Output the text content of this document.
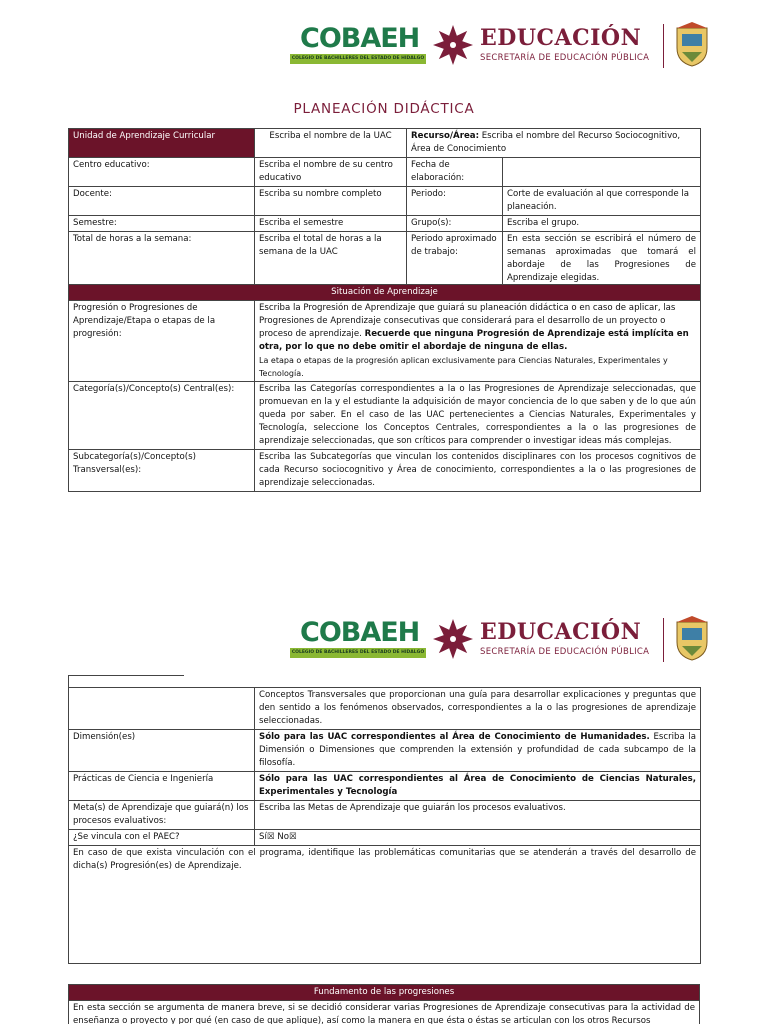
COBAEH
COLEGIO DE BACHILLERES DEL ESTADO DE HIDALGO
EDUCACIÓN
SECRETARÍA DE EDUCACIÓN PÚBLICA
PLANEACIÓN DIDÁCTICA
Unidad de Aprendizaje Curricular	Escriba el nombre de la UAC	Recurso/Área: Escriba el nombre del Recurso Sociocognitivo, Área de Conocimiento	
Centro educativo:	Escriba el nombre de su centro educativo	Fecha de elaboración:	
Docente:	Escriba su nombre completo	Periodo:	Corte de evaluación al que corresponde la planeación.
Semestre:	Escriba el semestre	Grupo(s):	Escriba el grupo.
Total de horas a la semana:	Escriba el total de horas a la semana de la UAC	Periodo aproximado de trabajo:	En esta sección se escribirá el número de semanas aproximadas que tomará el abordaje de las Progresiones de Aprendizaje elegidas.
Situación de Aprendizaje	
Progresión o Progresiones de Aprendizaje/Etapa o etapas de la progresión:	Escriba la Progresión de Aprendizaje que guiará su planeación didáctica o en caso de aplicar, las Progresiones de Aprendizaje consecutivas que considerará para el desarrollo de un proyecto o proceso de aprendizaje. Recuerde que ninguna Progresión de Aprendizaje está implícita en otra, por lo que no debe omitir el abordaje de ninguna de ellas.
La etapa o etapas de la progresión aplican exclusivamente para Ciencias Naturales, Experimentales y Tecnología.

Categoría(s)/Concepto(s) Central(es):	Escriba las Categorías correspondientes a la o las Progresiones de Aprendizaje seleccionadas, que promuevan en la y el estudiante la adquisición de mayor conciencia de lo que saben y de lo que aún queda por saber. En el caso de las UAC pertenecientes a Ciencias Naturales, Experimentales y Tecnología, seleccione los Conceptos Centrales, correspondientes a la o las progresiones de aprendizaje seleccionadas, que son críticos para comprender o investigar ideas más complejas.
Subcategoría(s)/Concepto(s) Transversal(es):	Escriba las Subcategorías que vinculan los contenidos disciplinares con los procesos cognitivos de cada Recurso sociocognitivo y Área de conocimiento, correspondientes a la o las progresiones de aprendizaje seleccionadas.
COBAEH
COLEGIO DE BACHILLERES DEL ESTADO DE HIDALGO
EDUCACIÓN
SECRETARÍA DE EDUCACIÓN PÚBLICA
	Conceptos Transversales que proporcionan una guía para desarrollar explicaciones y preguntas que den sentido a los fenómenos observados, correspondientes a la o las progresiones de aprendizaje seleccionadas.
Dimensión(es)	Sólo para las UAC correspondientes al Área de Conocimiento de Humanidades. Escriba la Dimensión o Dimensiones que comprenden la extensión y profundidad de cada subcampo de la filosofía.
Prácticas de Ciencia e Ingeniería	Sólo para las UAC correspondientes al Área de Conocimiento de Ciencias Naturales, Experimentales y Tecnología
Meta(s) de Aprendizaje que guiará(n) los procesos evaluativos:	Escriba las Metas de Aprendizaje que guiarán los procesos evaluativos.
¿Se vincula con el PAEC?	Sí☒ No☒
En caso de que exista vinculación con el programa, identifique las problemáticas comunitarias que se atenderán a través del desarrollo de dicha(s) Progresión(es) de Aprendizaje.	
Fundamento de las progresiones
En esta sección se argumenta de manera breve, si se decidió considerar varias Progresiones de Aprendizaje consecutivas para la actividad de enseñanza o proyecto y por qué (en caso de que aplique), así como la manera en que ésta o éstas se articulan con los otros Recursos
